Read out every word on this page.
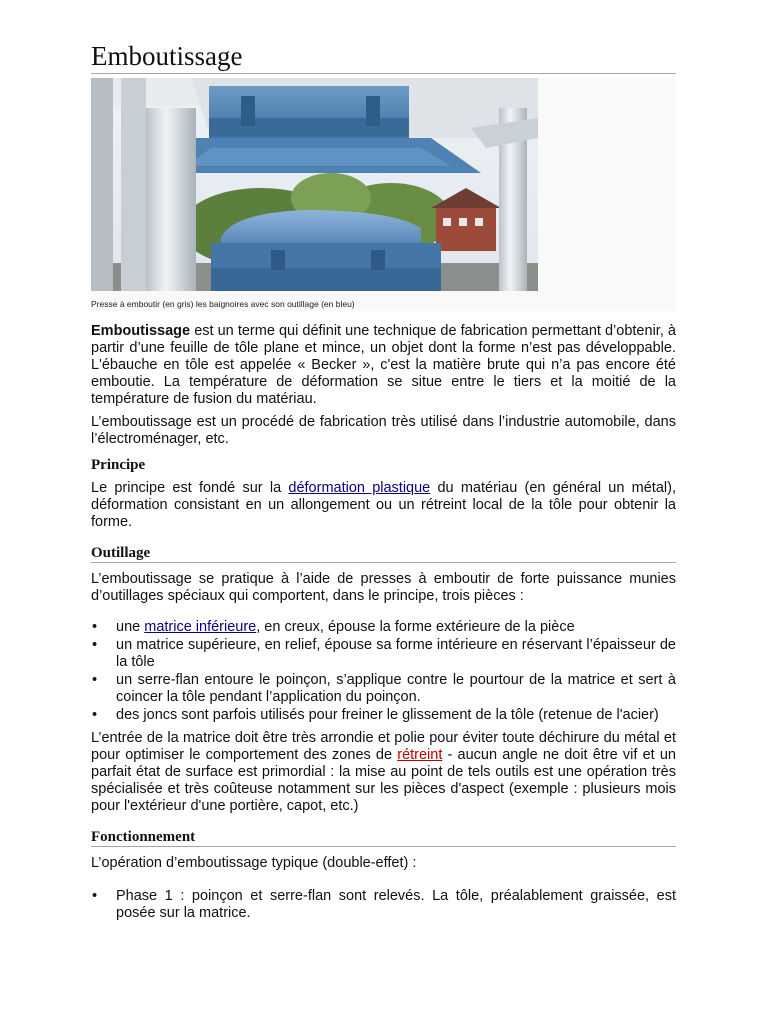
Emboutissage
Presse à emboutir (en gris) les baignoires avec son outillage (en bleu)

Emboutissage est un terme qui définit une technique de fabrication permettant d’obtenir, à partir d’une feuille de tôle plane et mince, un objet dont la forme n’est pas développable. L'ébauche en tôle est appelée « Becker », c'est la matière brute qui n’a pas encore été emboutie. La température de déformation se situe entre le tiers et la moitié de la température de fusion du matériau.

L’emboutissage est un procédé de fabrication très utilisé dans l’industrie automobile, dans l’électroménager, etc.

Principe

Le principe est fondé sur la déformation plastique du matériau (en général un métal), déformation consistant en un allongement ou un rétreint local de la tôle pour obtenir la forme.

Outillage

L’emboutissage se pratique à l’aide de presses à emboutir de forte puissance munies d’outillages spéciaux qui comportent, dans le principe, trois pièces :

• une matrice inférieure, en creux, épouse la forme extérieure de la pièce
• un matrice supérieure, en relief, épouse sa forme intérieure en réservant l’épaisseur de la tôle
• un serre-flan entoure le poinçon, s’applique contre le pourtour de la matrice et sert à coincer la tôle pendant l’application du poinçon.
• des joncs sont parfois utilisés pour freiner le glissement de la tôle (retenue de l'acier)

L’entrée de la matrice doit être très arrondie et polie pour éviter toute déchirure du métal et pour optimiser le comportement des zones de rétreint - aucun angle ne doit être vif et un parfait état de surface est primordial : la mise au point de tels outils est une opération très spécialisée et très coûteuse notamment sur les pièces d'aspect (exemple : plusieurs mois pour l'extérieur d'une portière, capot, etc.)

Fonctionnement

L’opération d’emboutissage typique (double-effet) :

• Phase 1 : poinçon et serre-flan sont relevés. La tôle, préalablement graissée, est posée sur la matrice.
